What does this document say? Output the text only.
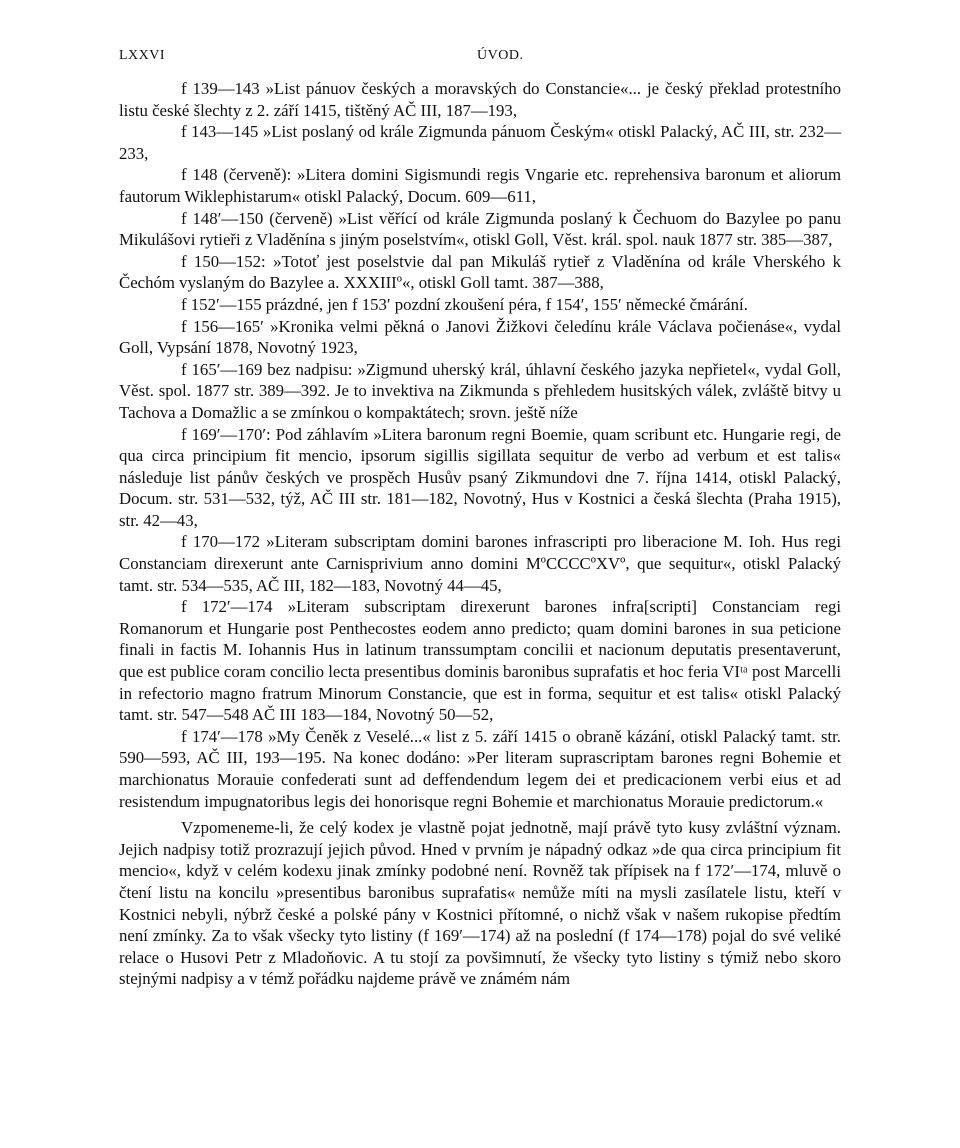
LXXVI	ÚVOD.

f 139—143 »List pánuov českých a moravských do Constancie«... je český překlad protestního listu české šlechty z 2. září 1415, tištěný AČ III, 187—193,

f 143—145 »List poslaný od krále Zigmunda pánuom Českým« otiskl Palacký, AČ III, str. 232—233,

f 148 (červeně): »Litera domini Sigismundi regis Vngarie etc. reprehensiva baronum et aliorum fautorum Wiklephistarum« otiskl Palacký, Docum. 609—611,

f 148′—150 (červeně) »List věřící od krále Zigmunda poslaný k Čechuom do Bazylee po panu Mikulášovi rytieři z Vladěnína s jiným poselstvím«, otiskl Goll, Věst. král. spol. nauk 1877 str. 385—387,

f 150—152: »Totoť jest poselstvie dal pan Mikuláš rytieř z Vladěnína od krále Vherského k Čechóm vyslaným do Bazylee a. XXXIIIº«, otiskl Goll tamt. 387—388,

f 152′—155 prázdné, jen f 153′ pozdní zkoušení péra, f 154′, 155′ německé čmárání.

f 156—165′ »Kronika velmi pěkná o Janovi Žižkovi čeledínu krále Václava počienáse«, vydal Goll, Vypsání 1878, Novotný 1923,

f 165′—169 bez nadpisu: »Zigmund uherský král, úhlavní českého jazyka nepřietel«, vydal Goll, Věst. spol. 1877 str. 389—392. Je to invektiva na Zikmunda s přehledem husitských válek, zvláště bitvy u Tachova a Domažlic a se zmínkou o kompaktátech; srovn. ještě níže

f 169′—170′: Pod záhlavím »Litera baronum regni Boemie, quam scribunt etc. Hungarie regi, de qua circa principium fit mencio, ipsorum sigillis sigillata sequitur de verbo ad verbum et est talis« následuje list pánův českých ve prospěch Husův psaný Zikmundovi dne 7. října 1414, otiskl Palacký, Docum. str. 531—532, týž, AČ III str. 181—182, Novotný, Hus v Kostnici a česká šlechta (Praha 1915), str. 42—43,

f 170—172 »Literam subscriptam domini barones infrascripti pro liberacione M. Ioh. Hus regi Constanciam direxerunt ante Carnisprivium anno domini MºCCCCºXVº, que sequitur«, otiskl Palacký tamt. str. 534—535, AČ III, 182—183, Novotný 44—45,

f 172′—174 »Literam subscriptam direxerunt barones infra[scripti] Constanciam regi Romanorum et Hungarie post Penthecostes eodem anno predicto; quam domini barones in sua peticione finali in factis M. Iohannis Hus in latinum transsumptam concilii et nacionum deputatis presentaverunt, que est publice coram concilio lecta presentibus dominis baronibus suprafatis et hoc feria VIᵗᵃ post Marcelli in refectorio magno fratrum Minorum Constancie, que est in forma, sequitur et est talis« otiskl Palacký tamt. str. 547—548 AČ III 183—184, Novotný 50—52,

f 174′—178 »My Čeněk z Veselé...« list z 5. září 1415 o obraně kázání, otiskl Palacký tamt. str. 590—593, AČ III, 193—195. Na konec dodáno: »Per literam suprascriptam barones regni Bohemie et marchionatus Morauie confederati sunt ad deffendendum legem dei et predicacionem verbi eius et ad resistendum impugnatoribus legis dei honorisque regni Bohemie et marchionatus Morauie predictorum.«

Vzpomeneme-li, že celý kodex je vlastně pojat jednotně, mají právě tyto kusy zvláštní význam. Jejich nadpisy totiž prozrazují jejich původ. Hned v prvním je nápadný odkaz »de qua circa principium fit mencio«, když v celém kodexu jinak zmínky podobné není. Rovněž tak přípisek na f 172′—174, mluvě o čtení listu na koncilu »presentibus baronibus suprafatis« nemůže míti na mysli zasílatele listu, kteří v Kostnici nebyli, nýbrž české a polské pány v Kostnici přítomné, o nichž však v našem rukopise předtím není zmínky. Za to však všecky tyto listiny (f 169′—174) až na poslední (f 174—178) pojal do své veliké relace o Husovi Petr z Mladoňovic. A tu stojí za povšimnutí, že všecky tyto listiny s týmiž nebo skoro stejnými nadpisy a v témž pořádku najdeme právě ve známém nám
